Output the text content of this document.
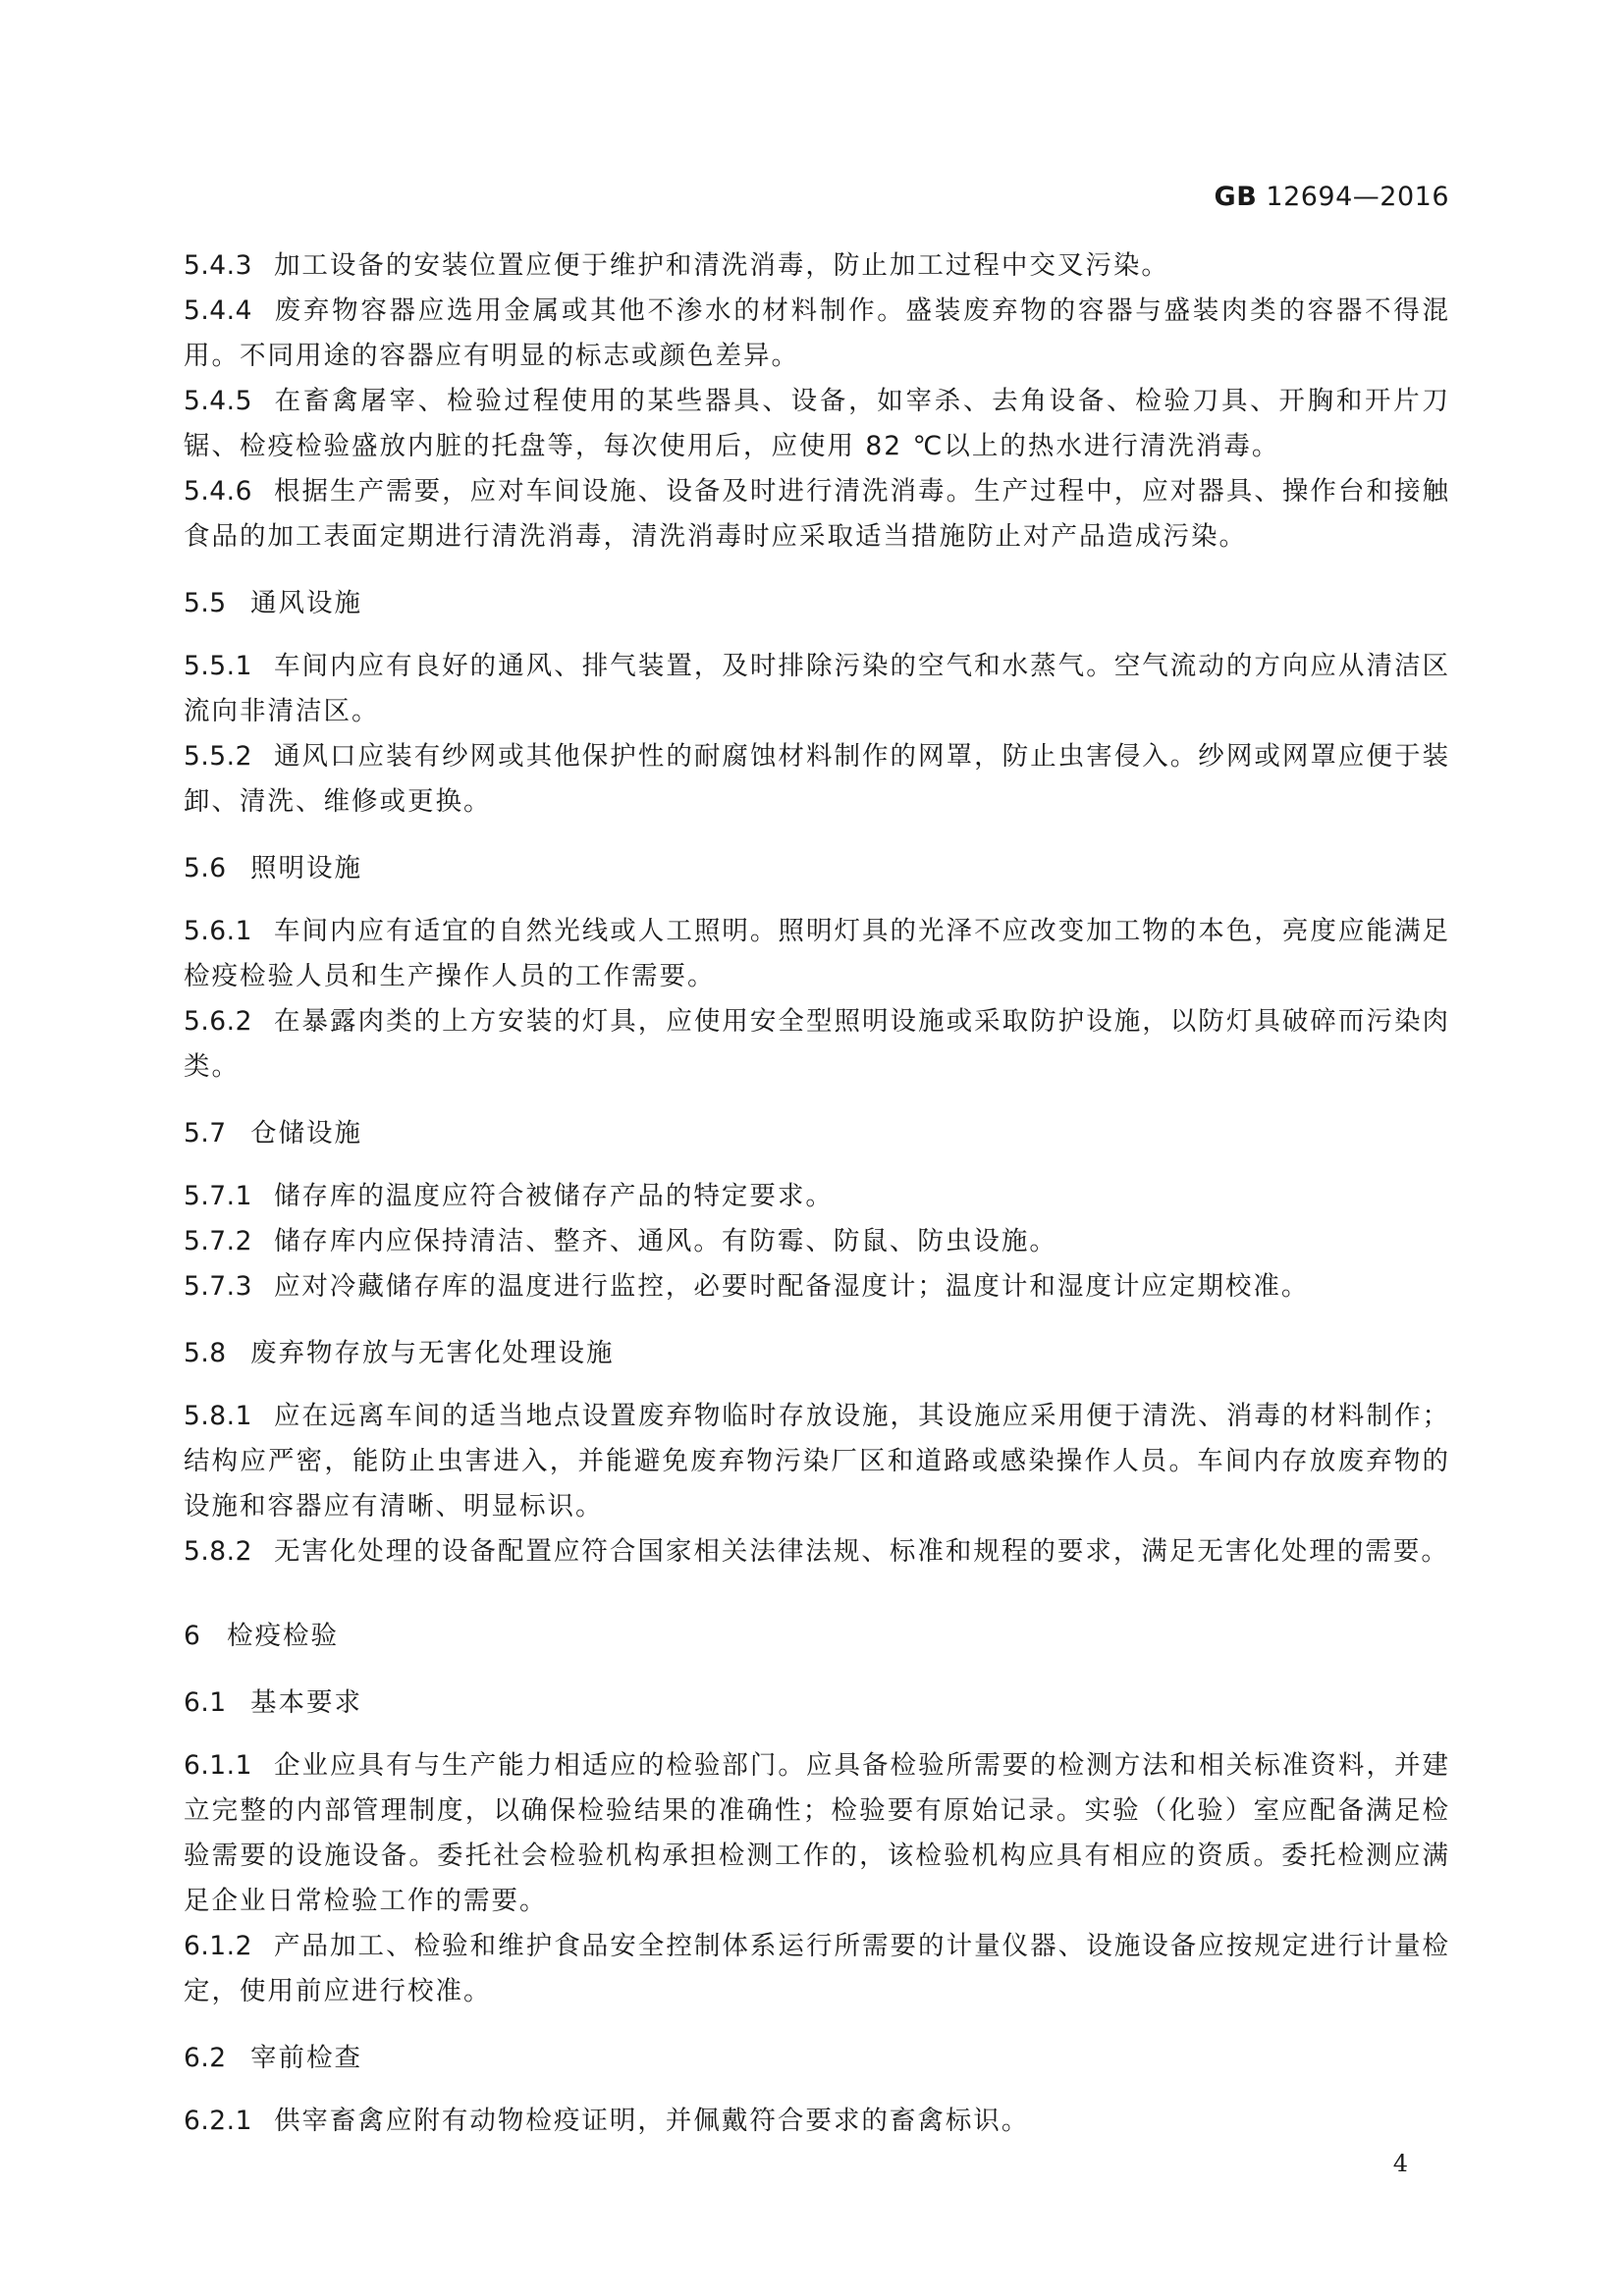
GB 12694—2016

5.4.3 加工设备的安装位置应便于维护和清洗消毒，防止加工过程中交叉污染。

5.4.4 废弃物容器应选用金属或其他不渗水的材料制作。盛装废弃物的容器与盛装肉类的容器不得混用。不同用途的容器应有明显的标志或颜色差异。

5.4.5 在畜禽屠宰、检验过程使用的某些器具、设备，如宰杀、去角设备、检验刀具、开胸和开片刀锯、检疫检验盛放内脏的托盘等，每次使用后，应使用 82 ℃以上的热水进行清洗消毒。

5.4.6 根据生产需要，应对车间设施、设备及时进行清洗消毒。生产过程中，应对器具、操作台和接触食品的加工表面定期进行清洗消毒，清洗消毒时应采取适当措施防止对产品造成污染。

5.5 通风设施

5.5.1 车间内应有良好的通风、排气装置，及时排除污染的空气和水蒸气。空气流动的方向应从清洁区流向非清洁区。

5.5.2 通风口应装有纱网或其他保护性的耐腐蚀材料制作的网罩，防止虫害侵入。纱网或网罩应便于装卸、清洗、维修或更换。

5.6 照明设施

5.6.1 车间内应有适宜的自然光线或人工照明。照明灯具的光泽不应改变加工物的本色，亮度应能满足检疫检验人员和生产操作人员的工作需要。

5.6.2 在暴露肉类的上方安装的灯具，应使用安全型照明设施或采取防护设施，以防灯具破碎而污染肉类。

5.7 仓储设施

5.7.1 储存库的温度应符合被储存产品的特定要求。

5.7.2 储存库内应保持清洁、整齐、通风。有防霉、防鼠、防虫设施。

5.7.3 应对冷藏储存库的温度进行监控，必要时配备湿度计；温度计和湿度计应定期校准。

5.8 废弃物存放与无害化处理设施

5.8.1 应在远离车间的适当地点设置废弃物临时存放设施，其设施应采用便于清洗、消毒的材料制作；结构应严密，能防止虫害进入，并能避免废弃物污染厂区和道路或感染操作人员。车间内存放废弃物的设施和容器应有清晰、明显标识。

5.8.2 无害化处理的设备配置应符合国家相关法律法规、标准和规程的要求，满足无害化处理的需要。

6 检疫检验

6.1 基本要求

6.1.1 企业应具有与生产能力相适应的检验部门。应具备检验所需要的检测方法和相关标准资料，并建立完整的内部管理制度，以确保检验结果的准确性；检验要有原始记录。实验（化验）室应配备满足检验需要的设施设备。委托社会检验机构承担检测工作的，该检验机构应具有相应的资质。委托检测应满足企业日常检验工作的需要。

6.1.2 产品加工、检验和维护食品安全控制体系运行所需要的计量仪器、设施设备应按规定进行计量检定，使用前应进行校准。

6.2 宰前检查

6.2.1 供宰畜禽应附有动物检疫证明，并佩戴符合要求的畜禽标识。

4
